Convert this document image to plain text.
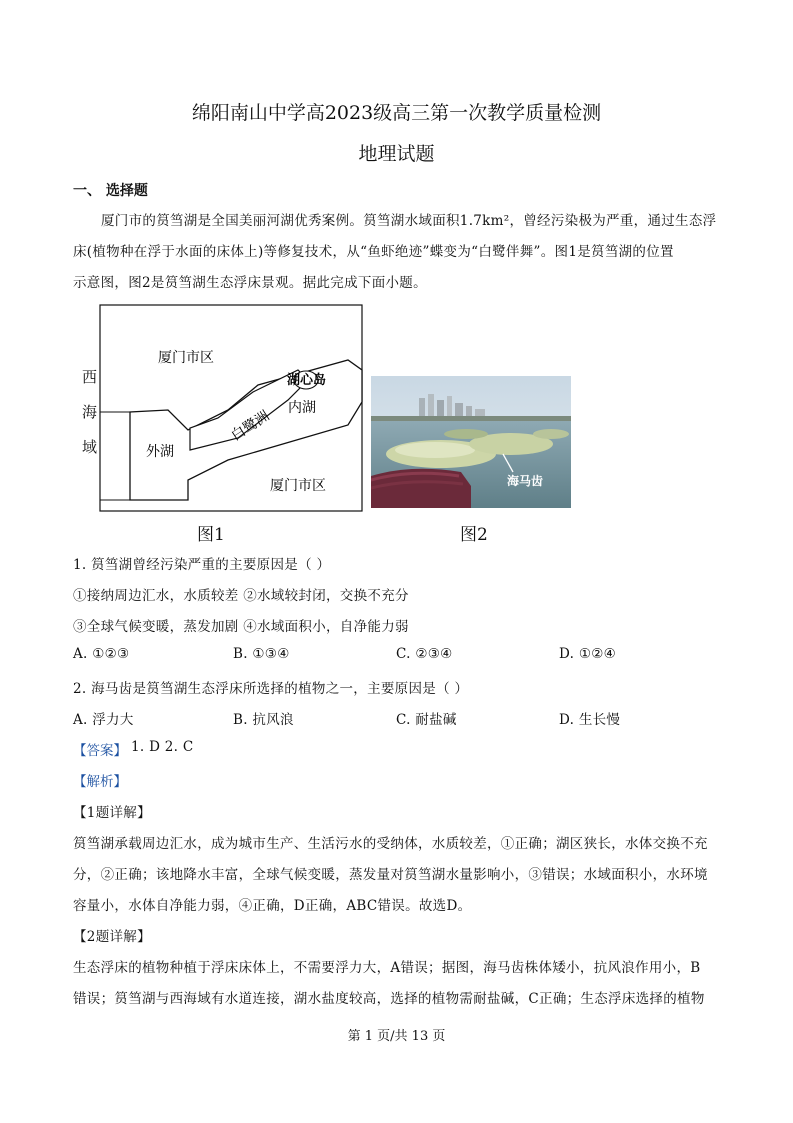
绵阳南山中学高2023级高三第一次教学质量检测
地理试题
一、 选择题
厦门市的筼筜湖是全国美丽河湖优秀案例。筼筜湖水域面积1.7km²，曾经污染极为严重，通过生态浮
床(植物种在浮于水面的床体上)等修复技术，从“鱼虾绝迹”蝶变为“白鹭伴舞”。图1是筼筜湖的位置
示意图，图2是筼筜湖生态浮床景观。据此完成下面小题。
厦门市区
厦门市区
外湖
内湖
湖心岛
白鹭洲
西
海
域
海马齿
图1	图2
1. 筼筜湖曾经污染严重的主要原因是（ ）
①接纳周边汇水，水质较差 ②水域较封闭，交换不充分
③全球气候变暖，蒸发加剧 ④水域面积小，自净能力弱
A. ①②③	B. ①③④	C. ②③④	D. ①②④
2. 海马齿是筼筜湖生态浮床所选择的植物之一，主要原因是（ ）
A. 浮力大	B. 抗风浪	C. 耐盐碱	D. 生长慢
【答案】 1. D 2. C
【解析】
【1题详解】
筼筜湖承载周边汇水，成为城市生产、生活污水的受纳体，水质较差，①正确；湖区狭长，水体交换不充
分，②正确；该地降水丰富，全球气候变暖，蒸发量对筼筜湖水量影响小，③错误；水域面积小，水环境
容量小，水体自净能力弱，④正确，D正确，ABC错误。故选D。
【2题详解】
生态浮床的植物种植于浮床床体上，不需要浮力大，A错误；据图，海马齿株体矮小，抗风浪作用小，B
错误；筼筜湖与西海域有水道连接，湖水盐度较高，选择的植物需耐盐碱，C正确；生态浮床选择的植物
第 1 页/共 13 页
